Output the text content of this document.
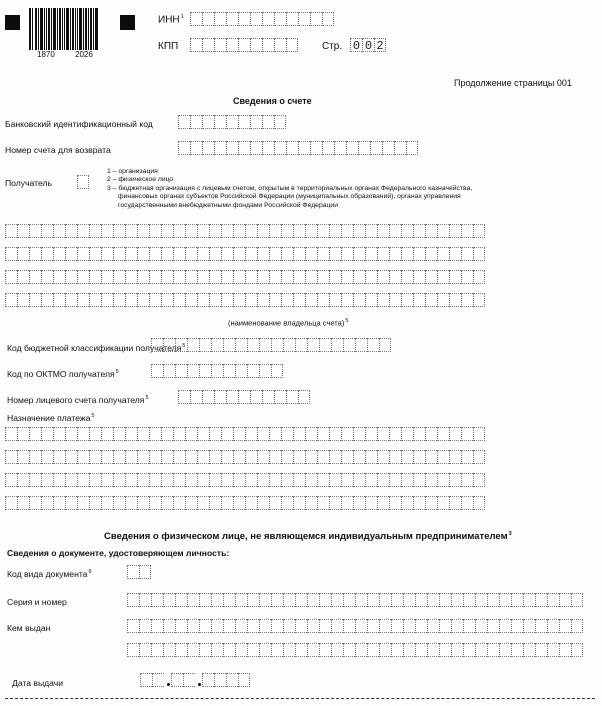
1870	2026
ИНН$^1$
КПП	Стр. 0 0 2
Продолжение страницы 001
Сведения о счете
Банковский идентификационный код
Номер счета для возврата
Получатель
1 – организация
2 – физическое лицо
3 – бюджетная организация с лицевым счетом, открытым в территориальных органах Федерального казначейства,
финансовых органах субъектов Российской Федерации (муниципальных образований), органах управления
государственными внебюджетными фондами Российской Федерации
(наименование владельца счета)$^5$
Код бюджетной классификации получателя$^5$
Код по ОКТМО получателя$^5$
Номер лицевого счета получателя$^5$
Назначение платежа$^5$
Сведения о физическом лице, не являющемся индивидуальным предпринимателем$^3$
Сведения о документе, удостоверяющем личность:
Код вида документа$^6$
Серия и номер
Кем выдан
Дата выдачи
